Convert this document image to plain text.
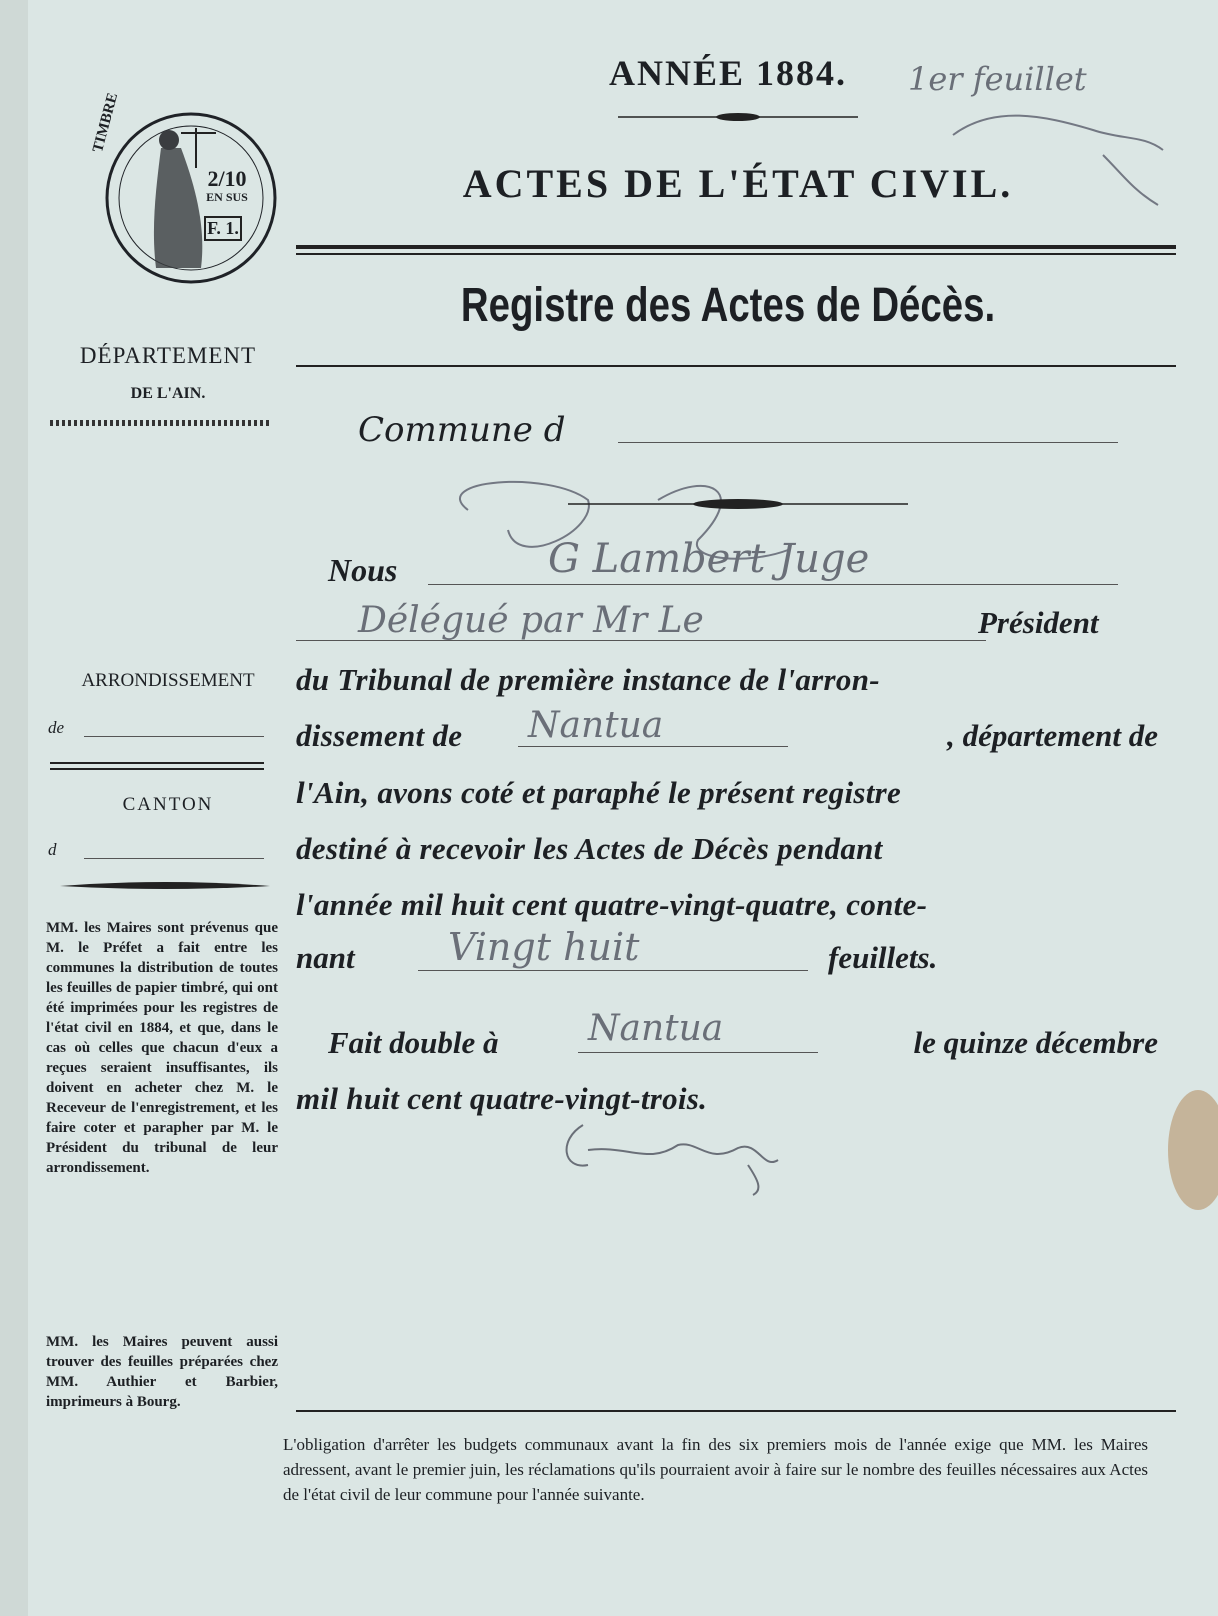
ANNÉE 1884.	1er feuillet
ACTES DE L'ÉTAT CIVIL.
Registre des Actes de Décès.
TIMBRE
2/10
EN SUS
F. 1.
DÉPARTEMENT
DE L'AIN.
ARRONDISSEMENT
de
CANTON
d
MM. les Maires sont prévenus que M. le Préfet a fait entre les communes la distribution de toutes les feuilles de papier timbré, qui ont été imprimées pour les registres de l'état civil en 1884, et que, dans le cas où celles que chacun d'eux a reçues seraient insuffisantes, ils doivent en acheter chez M. le Receveur de l'enregistrement, et les faire coter et parapher par M. le Président du tribunal de leur arrondissement.
MM. les Maires peuvent aussi trouver des feuilles préparées chez MM. Authier et Barbier, imprimeurs à Bourg.
Commune d
Nous	G Lambert Juge
Délégué par Mr Le	Président
du Tribunal de première instance de l'arron-
dissement de	Nantua	, département de
l'Ain, avons coté et paraphé le présent registre
destiné à recevoir les Actes de Décès pendant
l'année mil huit cent quatre-vingt-quatre, conte-
nant Vingt huit	feuillets.
Fait double à Nantua	le quinze décembre
mil huit cent quatre-vingt-trois.
L'obligation d'arrêter les budgets communaux avant la fin des six premiers mois de l'année exige que MM. les Maires adressent, avant le premier juin, les réclamations qu'ils pourraient avoir à faire sur le nombre des feuilles nécessaires aux Actes de l'état civil de leur commune pour l'année suivante.
